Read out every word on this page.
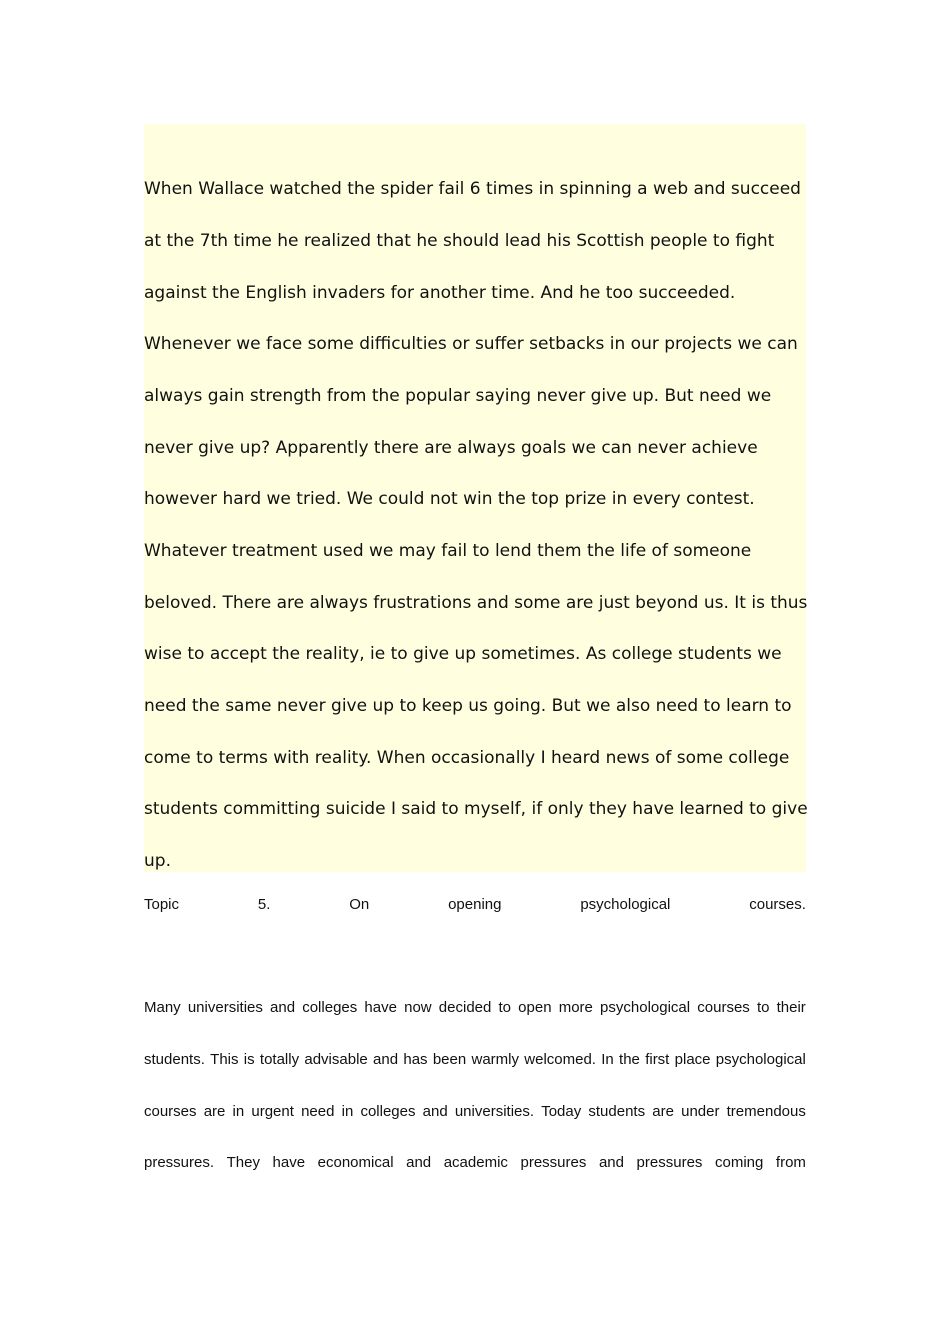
When Wallace watched the spider fail 6 times in spinning a web and succeed
at the 7th time he realized that he should lead his Scottish people to fight
against the English invaders for another time. And he too succeeded.
Whenever we face some difficulties or suffer setbacks in our projects we can
always gain strength from the popular saying never give up. But need we
never give up? Apparently there are always goals we can never achieve
however hard we tried. We could not win the top prize in every contest.
Whatever treatment used we may fail to lend them the life of someone
beloved. There are always frustrations and some are just beyond us. It is thus
wise to accept the reality, ie to give up sometimes. As college students we
need the same never give up to keep us going. But we also need to learn to
come to terms with reality. When occasionally I heard news of some college
students committing suicide I said to myself, if only they have learned to give
up.
Topic	5.	On	opening	psychological	courses.
Many universities and colleges have now decided to open more psychological courses to their
students. This is totally advisable and has been warmly welcomed. In the first place psychological
courses are in urgent need in colleges and universities. Today students are under tremendous
pressures. They have economical and academic pressures and pressures coming from
